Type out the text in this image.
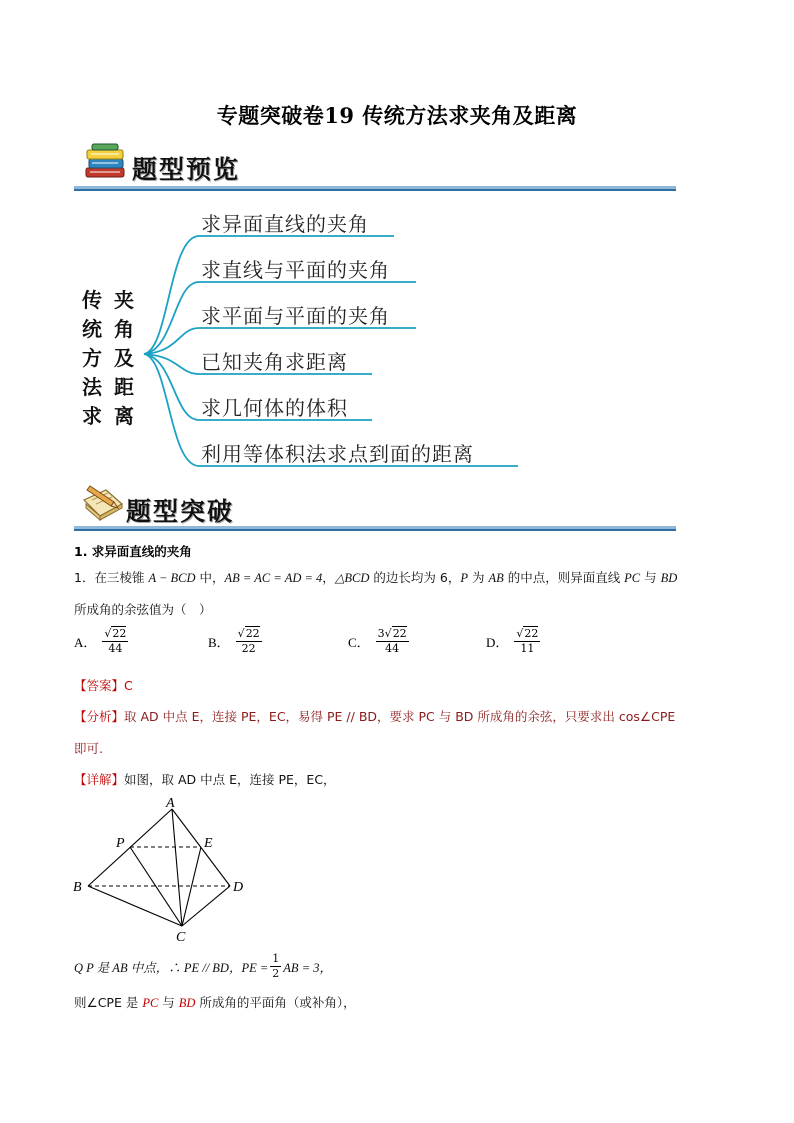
专题突破卷19 传统方法求夹角及距离
题型预览
传
统
方
法
求
夹
角
及
距
离
求异面直线的夹角
求直线与平面的夹角
求平面与平面的夹角
已知夹角求距离
求几何体的体积
利用等体积法求点到面的距离
题型突破
1. 求异面直线的夹角
1．在三棱锥 A − BCD 中，AB = AC = AD = 4，△BCD 的边长均为 6，P 为 AB 的中点，则异面直线 PC 与 BD
所成角的余弦值为（　）
A． $\frac{√22}{44}$	B． $\frac{√22}{22}$	C． $\frac{3√22}{44}$	D． $\frac{√22}{11}$
【答案】C
【分析】取 AD 中点 E，连接 PE，EC，易得 PE // BD，要求 PC 与 BD 所成角的余弦，只要求出 cos∠CPE
即可.
【详解】如图，取 AD 中点 E，连接 PE，EC，
A
P	E
B	D
C
Q P 是 AB 中点，∴ PE // BD，PE = $\frac{1}{2}$ AB = 3，
则∠CPE 是 PC 与 BD 所成角的平面角（或补角），
